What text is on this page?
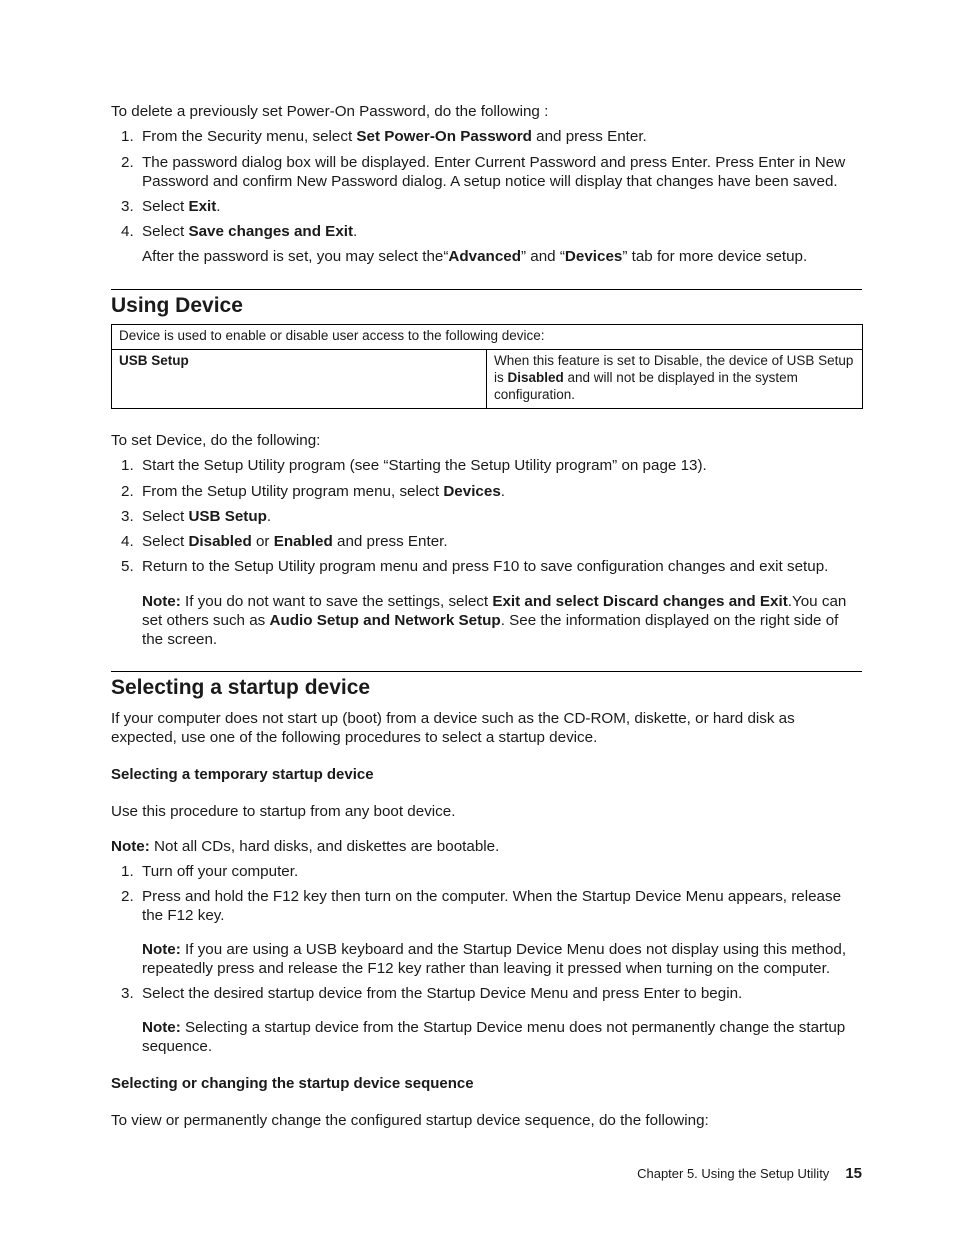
To delete a previously set Power-On Password, do the following :

1. From the Security menu, select Set Power-On Password and press Enter.
2. The password dialog box will be displayed. Enter Current Password and press Enter. Press Enter in New Password and confirm New Password dialog. A setup notice will display that changes have been saved.
3. Select Exit.
4. Select Save changes and Exit.

After the password is set, you may select the“Advanced” and “Devices” tab for more device setup.

Using Device
Device is used to enable or disable user access to the following device:
USB Setup	When this feature is set to Disable, the device of USB Setup is Disabled and will not be displayed in the system configuration.

To set Device, do the following:

1. Start the Setup Utility program (see “Starting the Setup Utility program” on page 13).
2. From the Setup Utility program menu, select Devices.
3. Select USB Setup.
4. Select Disabled or Enabled and press Enter.
5. Return to the Setup Utility program menu and press F10 to save configuration changes and exit setup.

Note: If you do not want to save the settings, select Exit and select Discard changes and Exit.You can set others such as Audio Setup and Network Setup. See the information displayed on the right side of the screen.

Selecting a startup device

If your computer does not start up (boot) from a device such as the CD-ROM, diskette, or hard disk as expected, use one of the following procedures to select a startup device.

Selecting a temporary startup device

Use this procedure to startup from any boot device.

Note: Not all CDs, hard disks, and diskettes are bootable.

1. Turn off your computer.
2. Press and hold the F12 key then turn on the computer. When the Startup Device Menu appears, release the F12 key.

Note: If you are using a USB keyboard and the Startup Device Menu does not display using this method, repeatedly press and release the F12 key rather than leaving it pressed when turning on the computer.

3. Select the desired startup device from the Startup Device Menu and press Enter to begin.

Note: Selecting a startup device from the Startup Device menu does not permanently change the startup sequence.

Selecting or changing the startup device sequence

To view or permanently change the configured startup device sequence, do the following:

Chapter 5. Using the Setup Utility 15
